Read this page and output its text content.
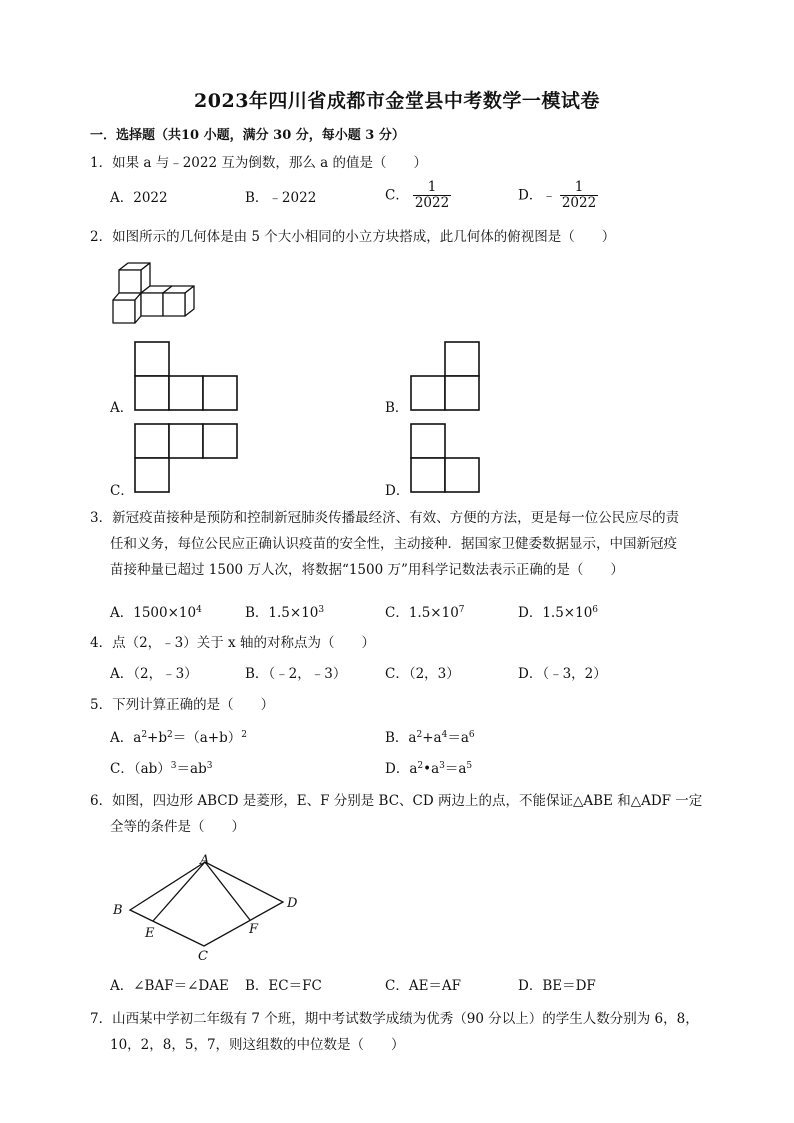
2023年四川省成都市金堂县中考数学一模试卷
一．选择题（共10 小题，满分 30 分，每小题 3 分）
1．如果 a 与﹣2022 互为倒数，那么 a 的值是（　　）
A．2022	B．﹣2022	C． $\frac{1}{2022}$	D．﹣ $\frac{1}{2022}$
2．如图所示的几何体是由 5 个大小相同的小立方块搭成，此几何体的俯视图是（　　）
A．	B．
C．	D．
3．新冠疫苗接种是预防和控制新冠肺炎传播最经济、有效、方便的方法，更是每一位公民应尽的责
任和义务，每位公民应正确认识疫苗的安全性，主动接种．据国家卫健委数据显示，中国新冠疫
苗接种量已超过 1500 万人次，将数据“1500 万”用科学记数法表示正确的是（　　）
A．$1500\times 10^4$	B．$1.5\times 10^3$	C．$1.5\times 10^7$	D．$1.5\times 10^6$
4．点（2，﹣3）关于 x 轴的对称点为（　　）
A．（2，﹣3）	B．（﹣2，﹣3）	C．（2，3）	D．（﹣3，2）
5．下列计算正确的是（　　）
A．$a^2+b^2=(a+b)^2$	B．$a^2+a^4=a^6$
C．$(ab)^3=ab^3$	D．$a^2•a^3=a^5$
6．如图，四边形 ABCD 是菱形，E、F 分别是 BC、CD 两边上的点，不能保证△ABE 和△ADF 一定
全等的条件是（　　）
A
B
C
D
E	F
A．∠BAF＝∠DAE B．EC＝FC	C．AE＝AF	D．BE＝DF
7．山西某中学初二年级有 7 个班，期中考试数学成绩为优秀（90 分以上）的学生人数分别为 6，8，
10，2，8，5，7，则这组数的中位数是（　　）
